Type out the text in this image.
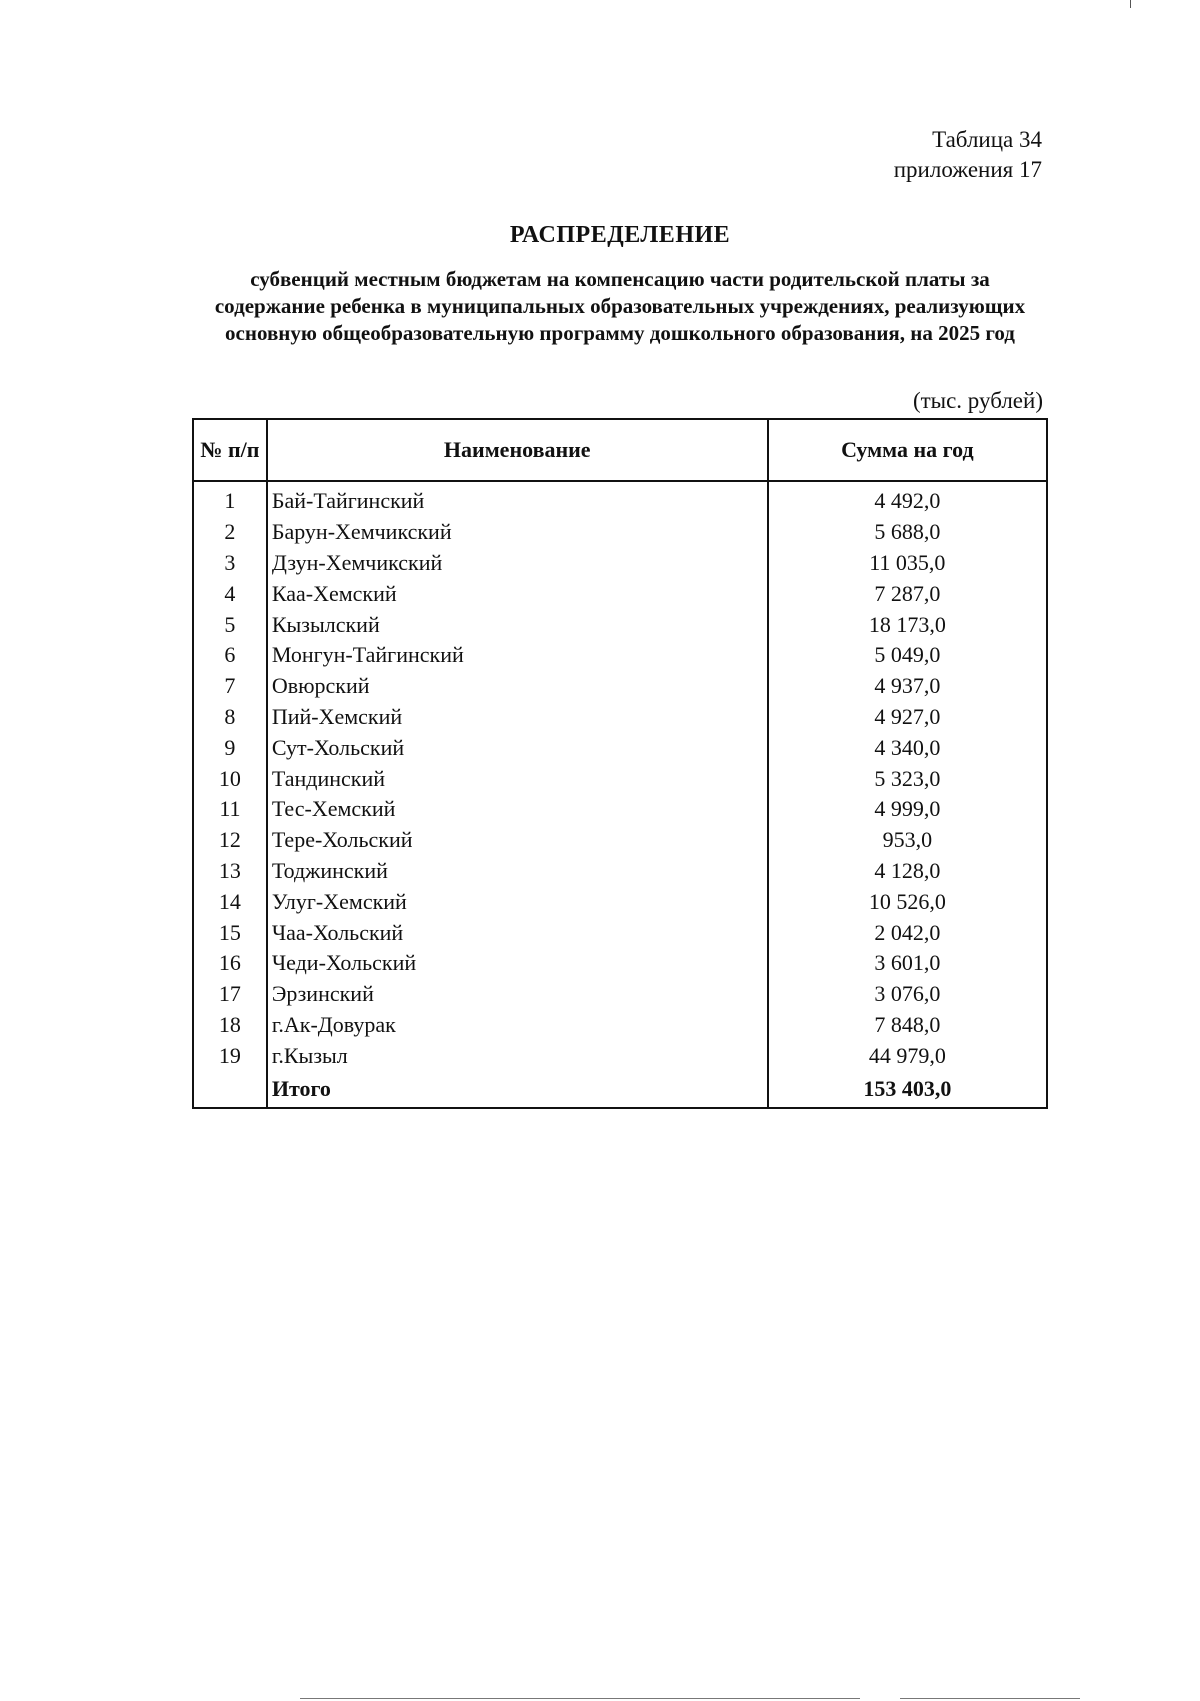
Таблица 34
приложения 17
РАСПРЕДЕЛЕНИЕ
субвенций местным бюджетам на компенсацию части родительской платы за содержание ребенка в муниципальных образовательных учреждениях, реализующих основную общеобразовательную программу дошкольного образования, на 2025 год
(тыс. рублей)
№ п/п	Наименование	Сумма на год
1	Бай-Тайгинский	4 492,0
2	Барун-Хемчикский	5 688,0
3	Дзун-Хемчикский	11 035,0
4	Каа-Хемский	7 287,0
5	Кызылский	18 173,0
6	Монгун-Тайгинский	5 049,0
7	Овюрский	4 937,0
8	Пий-Хемский	4 927,0
9	Сут-Хольский	4 340,0
10	Тандинский	5 323,0
11	Тес-Хемский	4 999,0
12	Тере-Хольский	953,0
13	Тоджинский	4 128,0
14	Улуг-Хемский	10 526,0
15	Чаа-Хольский	2 042,0
16	Чеди-Хольский	3 601,0
17	Эрзинский	3 076,0
18	г.Ак-Довурак	7 848,0
19	г.Кызыл	44 979,0
	Итого	153 403,0
